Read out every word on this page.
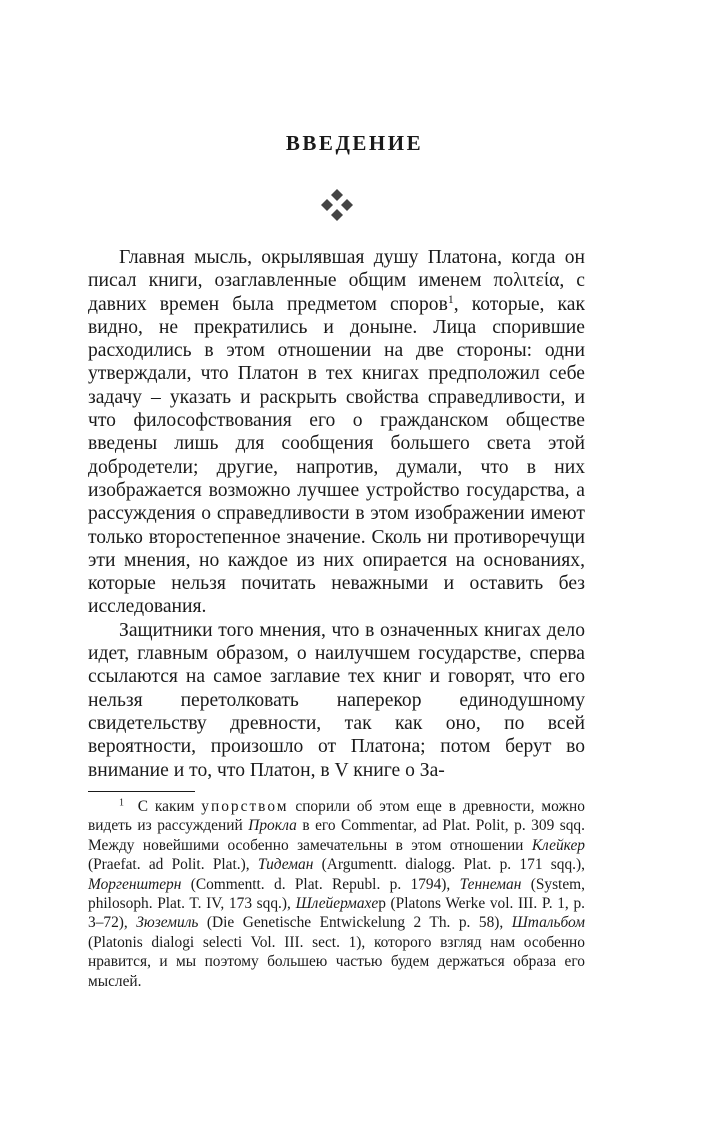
ВВЕДЕНИЕ

Главная мысль, окрылявшая душу Платона, когда он писал книги, озаглавленные общим именем πολιτεία, с давних времен была предметом споров$^1$, которые, как видно, не прекратились и доныне. Лица спорившие расходились в этом отношении на две стороны: одни утверждали, что Платон в тех книгах предположил себе задачу – указать и раскрыть свойства справедливости, и что философствования его о гражданском обществе введены лишь для сообщения большего света этой добродетели; другие, напротив, думали, что в них изображается возможно лучшее устройство государства, а рассуждения о справедливости в этом изображении имеют только второстепенное значение. Сколь ни противоречущи эти мнения, но каждое из них опирается на основаниях, которые нельзя почитать неважными и оставить без исследования.

Защитники того мнения, что в означенных книгах дело идет, главным образом, о наилучшем государстве, сперва ссылаются на самое заглавие тех книг и говорят, что его нельзя перетолковать наперекор единодушному свидетельству древности, так как оно, по всей вероятности, произошло от Платона; потом берут во внимание и то, что Платон, в V книге о За-

$^1$ С каким упорством спорили об этом еще в древности, можно видеть из рассуждений Прокла в его Commentar, ad Plat. Polit, p. 309 sqq. Между новейшими особенно замечательны в этом отношении Клейкер (Praefat. ad Polit. Plat.), Тидеман (Argumentt. dialogg. Plat. p. 171 sqq.), Моргенштерн (Commentt. d. Plat. Republ. p. 1794), Теннеман (System, philosoph. Plat. T. IV, 173 sqq.), Шлейермахер (Platons Werke vol. III. P. 1, p. 3–72), Зюземиль (Die Genetische Entwickelung 2 Th. p. 58), Штальбом (Platonis dialogi selecti Vol. III. sect. 1), которого взгляд нам особенно нравится, и мы поэтому большею частью будем держаться образа его мыслей.
